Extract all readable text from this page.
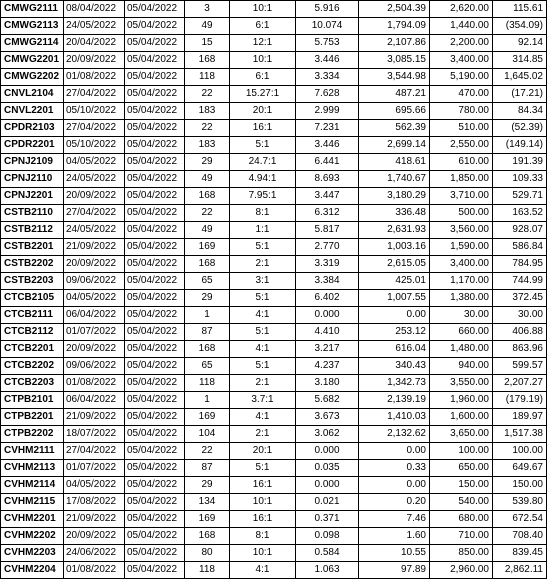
CMWG2111	08/04/2022	05/04/2022	3	10:1	5.916	2,504.39	2,620.00	115.61
CMWG2113	24/05/2022	05/04/2022	49	6:1	10.074	1,794.09	1,440.00	(354.09)
CMWG2114	20/04/2022	05/04/2022	15	12:1	5.753	2,107.86	2,200.00	92.14
CMWG2201	20/09/2022	05/04/2022	168	10:1	3.446	3,085.15	3,400.00	314.85
CMWG2202	01/08/2022	05/04/2022	118	6:1	3.334	3,544.98	5,190.00	1,645.02
CNVL2104	27/04/2022	05/04/2022	22	15.27:1	7.628	487.21	470.00	(17.21)
CNVL2201	05/10/2022	05/04/2022	183	20:1	2.999	695.66	780.00	84.34
CPDR2103	27/04/2022	05/04/2022	22	16:1	7.231	562.39	510.00	(52.39)
CPDR2201	05/10/2022	05/04/2022	183	5:1	3.446	2,699.14	2,550.00	(149.14)
CPNJ2109	04/05/2022	05/04/2022	29	24.7:1	6.441	418.61	610.00	191.39
CPNJ2110	24/05/2022	05/04/2022	49	4.94:1	8.693	1,740.67	1,850.00	109.33
CPNJ2201	20/09/2022	05/04/2022	168	7.95:1	3.447	3,180.29	3,710.00	529.71
CSTB2110	27/04/2022	05/04/2022	22	8:1	6.312	336.48	500.00	163.52
CSTB2112	24/05/2022	05/04/2022	49	1:1	5.817	2,631.93	3,560.00	928.07
CSTB2201	21/09/2022	05/04/2022	169	5:1	2.770	1,003.16	1,590.00	586.84
CSTB2202	20/09/2022	05/04/2022	168	2:1	3.319	2,615.05	3,400.00	784.95
CSTB2203	09/06/2022	05/04/2022	65	3:1	3.384	425.01	1,170.00	744.99
CTCB2105	04/05/2022	05/04/2022	29	5:1	6.402	1,007.55	1,380.00	372.45
CTCB2111	06/04/2022	05/04/2022	1	4:1	0.000	0.00	30.00	30.00
CTCB2112	01/07/2022	05/04/2022	87	5:1	4.410	253.12	660.00	406.88
CTCB2201	20/09/2022	05/04/2022	168	4:1	3.217	616.04	1,480.00	863.96
CTCB2202	09/06/2022	05/04/2022	65	5:1	4.237	340.43	940.00	599.57
CTCB2203	01/08/2022	05/04/2022	118	2:1	3.180	1,342.73	3,550.00	2,207.27
CTPB2101	06/04/2022	05/04/2022	1	3.7:1	5.682	2,139.19	1,960.00	(179.19)
CTPB2201	21/09/2022	05/04/2022	169	4:1	3.673	1,410.03	1,600.00	189.97
CTPB2202	18/07/2022	05/04/2022	104	2:1	3.062	2,132.62	3,650.00	1,517.38
CVHM2111	27/04/2022	05/04/2022	22	20:1	0.000	0.00	100.00	100.00
CVHM2113	01/07/2022	05/04/2022	87	5:1	0.035	0.33	650.00	649.67
CVHM2114	04/05/2022	05/04/2022	29	16:1	0.000	0.00	150.00	150.00
CVHM2115	17/08/2022	05/04/2022	134	10:1	0.021	0.20	540.00	539.80
CVHM2201	21/09/2022	05/04/2022	169	16:1	0.371	7.46	680.00	672.54
CVHM2202	20/09/2022	05/04/2022	168	8:1	0.098	1.60	710.00	708.40
CVHM2203	24/06/2022	05/04/2022	80	10:1	0.584	10.55	850.00	839.45
CVHM2204	01/08/2022	05/04/2022	118	4:1	1.063	97.89	2,960.00	2,862.11
